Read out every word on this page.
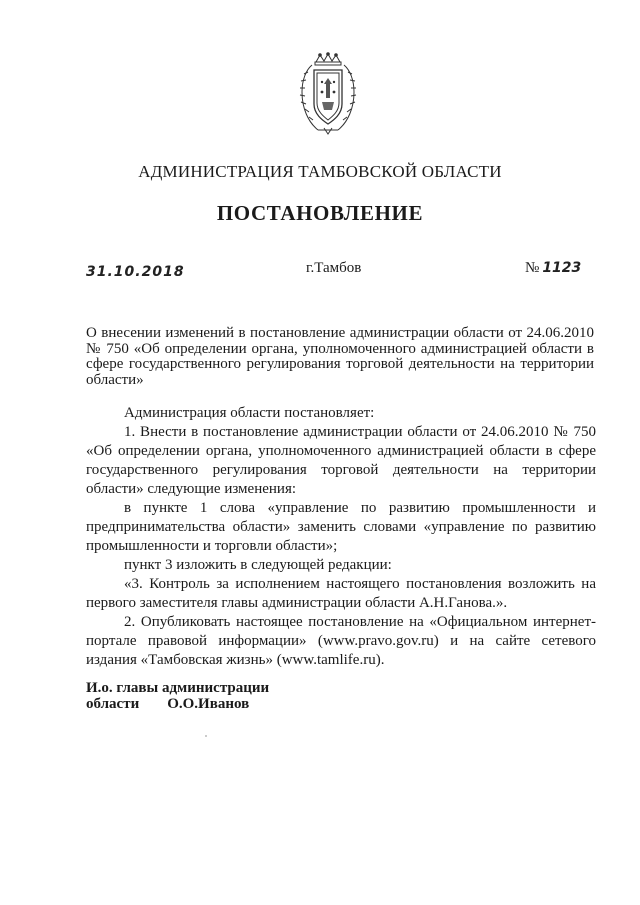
АДМИНИСТРАЦИЯ ТАМБОВСКОЙ ОБЛАСТИ
ПОСТАНОВЛЕНИЕ
31.10.2018	г.Тамбов	№ 1123
О внесении изменений в постановление администрации области от 24.06.2010 № 750 «Об определении органа, уполномоченного администрацией области в сфере государственного регулирования торговой деятельности на территории области»

Администрация области постановляет:

1. Внести в постановление администрации области от 24.06.2010 № 750 «Об определении органа, уполномоченного администрацией области в сфере государственного регулирования торговой деятельности на территории области» следующие изменения:

в пункте 1 слова «управление по развитию промышленности и предпринимательства области» заменить словами «управление по развитию промышленности и торговли области»;

пункт 3 изложить в следующей редакции:

«3. Контроль за исполнением настоящего постановления возложить на первого заместителя главы администрации области А.Н.Ганова.».

2. Опубликовать настоящее постановление на «Официальном интернет-портале правовой информации» (www.pravo.gov.ru) и на сайте сетевого издания «Тамбовская жизнь» (www.tamlife.ru).

И.о. главы администрации
области О.О.Иванов
